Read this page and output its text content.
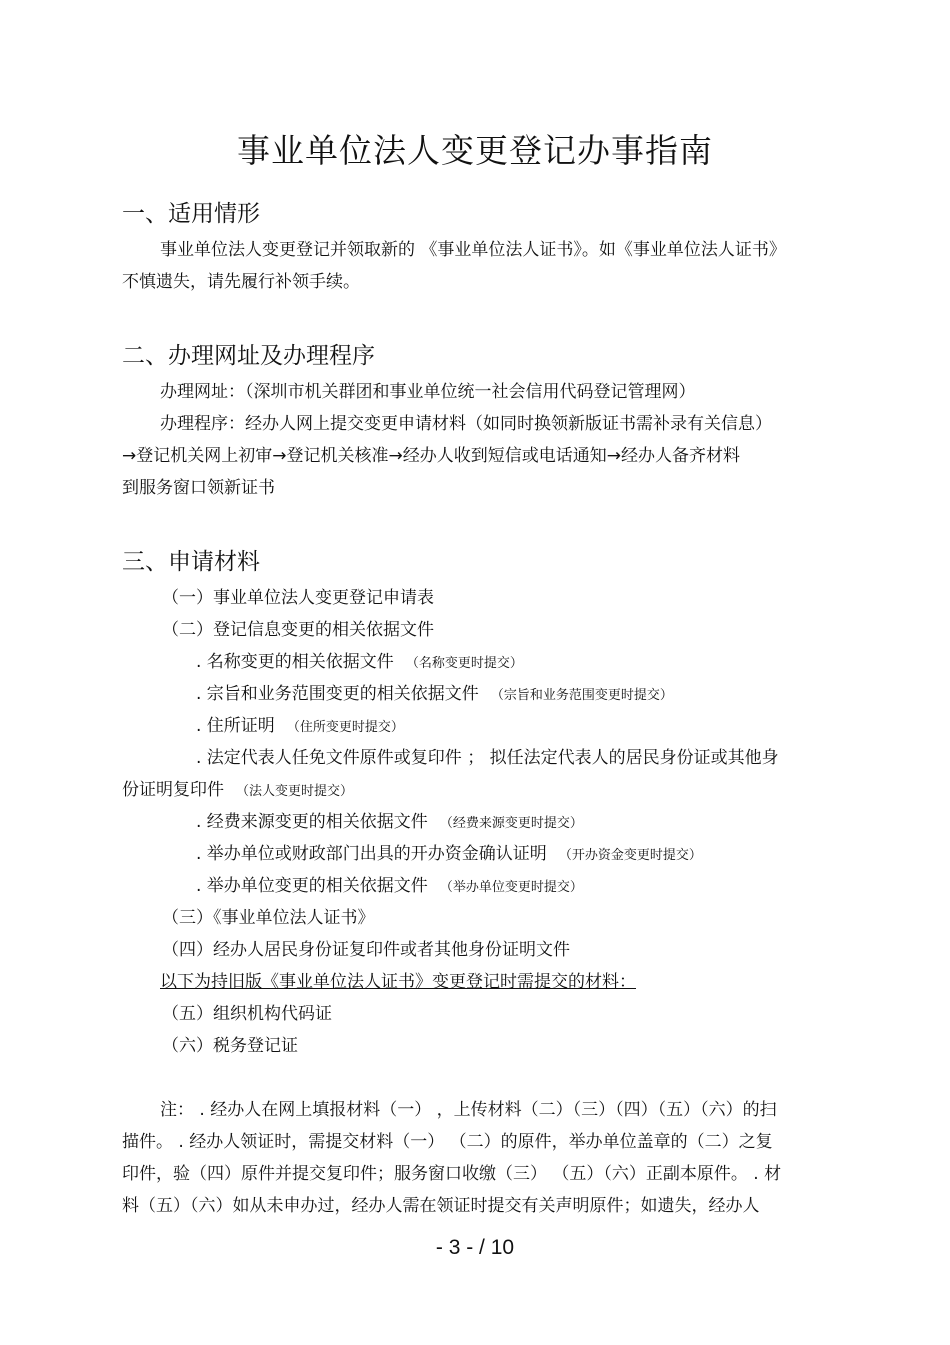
事业单位法人变更登记办事指南
一、适用情形
事业单位法人变更登记并领取新的 《事业单位法人证书》。如《事业单位法人证书》
不慎遗失，请先履行补领手续。
二、办理网址及办理程序
办理网址：（深圳市机关群团和事业单位统一社会信用代码登记管理网）
办理程序：经办人网上提交变更申请材料（如同时换领新版证书需补录有关信息）
→登记机关网上初审→登记机关核准→经办人收到短信或电话通知→经办人备齐材料
到服务窗口领新证书
三、申请材料
（一）事业单位法人变更登记申请表
（二）登记信息变更的相关依据文件
. 名称变更的相关依据文件 （名称变更时提交）
. 宗旨和业务范围变更的相关依据文件 （宗旨和业务范围变更时提交）
. 住所证明 （住所变更时提交）
. 法定代表人任免文件原件或复印件 ； 拟任法定代表人的居民身份证或其他身
份证明复印件 （法人变更时提交）
. 经费来源变更的相关依据文件 （经费来源变更时提交）
. 举办单位或财政部门出具的开办资金确认证明 （开办资金变更时提交）
. 举办单位变更的相关依据文件 （举办单位变更时提交）
（三）《事业单位法人证书》
（四）经办人居民身份证复印件或者其他身份证明文件
以下为持旧版《事业单位法人证书》变更登记时需提交的材料：
（五）组织机构代码证
（六）税务登记证
注： . 经办人在网上填报材料（一） ，上传材料（二）（三）（四）（五）（六）的扫
描件。 . 经办人领证时，需提交材料（一） （二）的原件，举办单位盖章的（二）之复
印件，验（四）原件并提交复印件；服务窗口收缴（三） （五）（六）正副本原件。 . 材
料（五）（六）如从未申办过，经办人需在领证时提交有关声明原件；如遗失，经办人
- 3 - / 10
